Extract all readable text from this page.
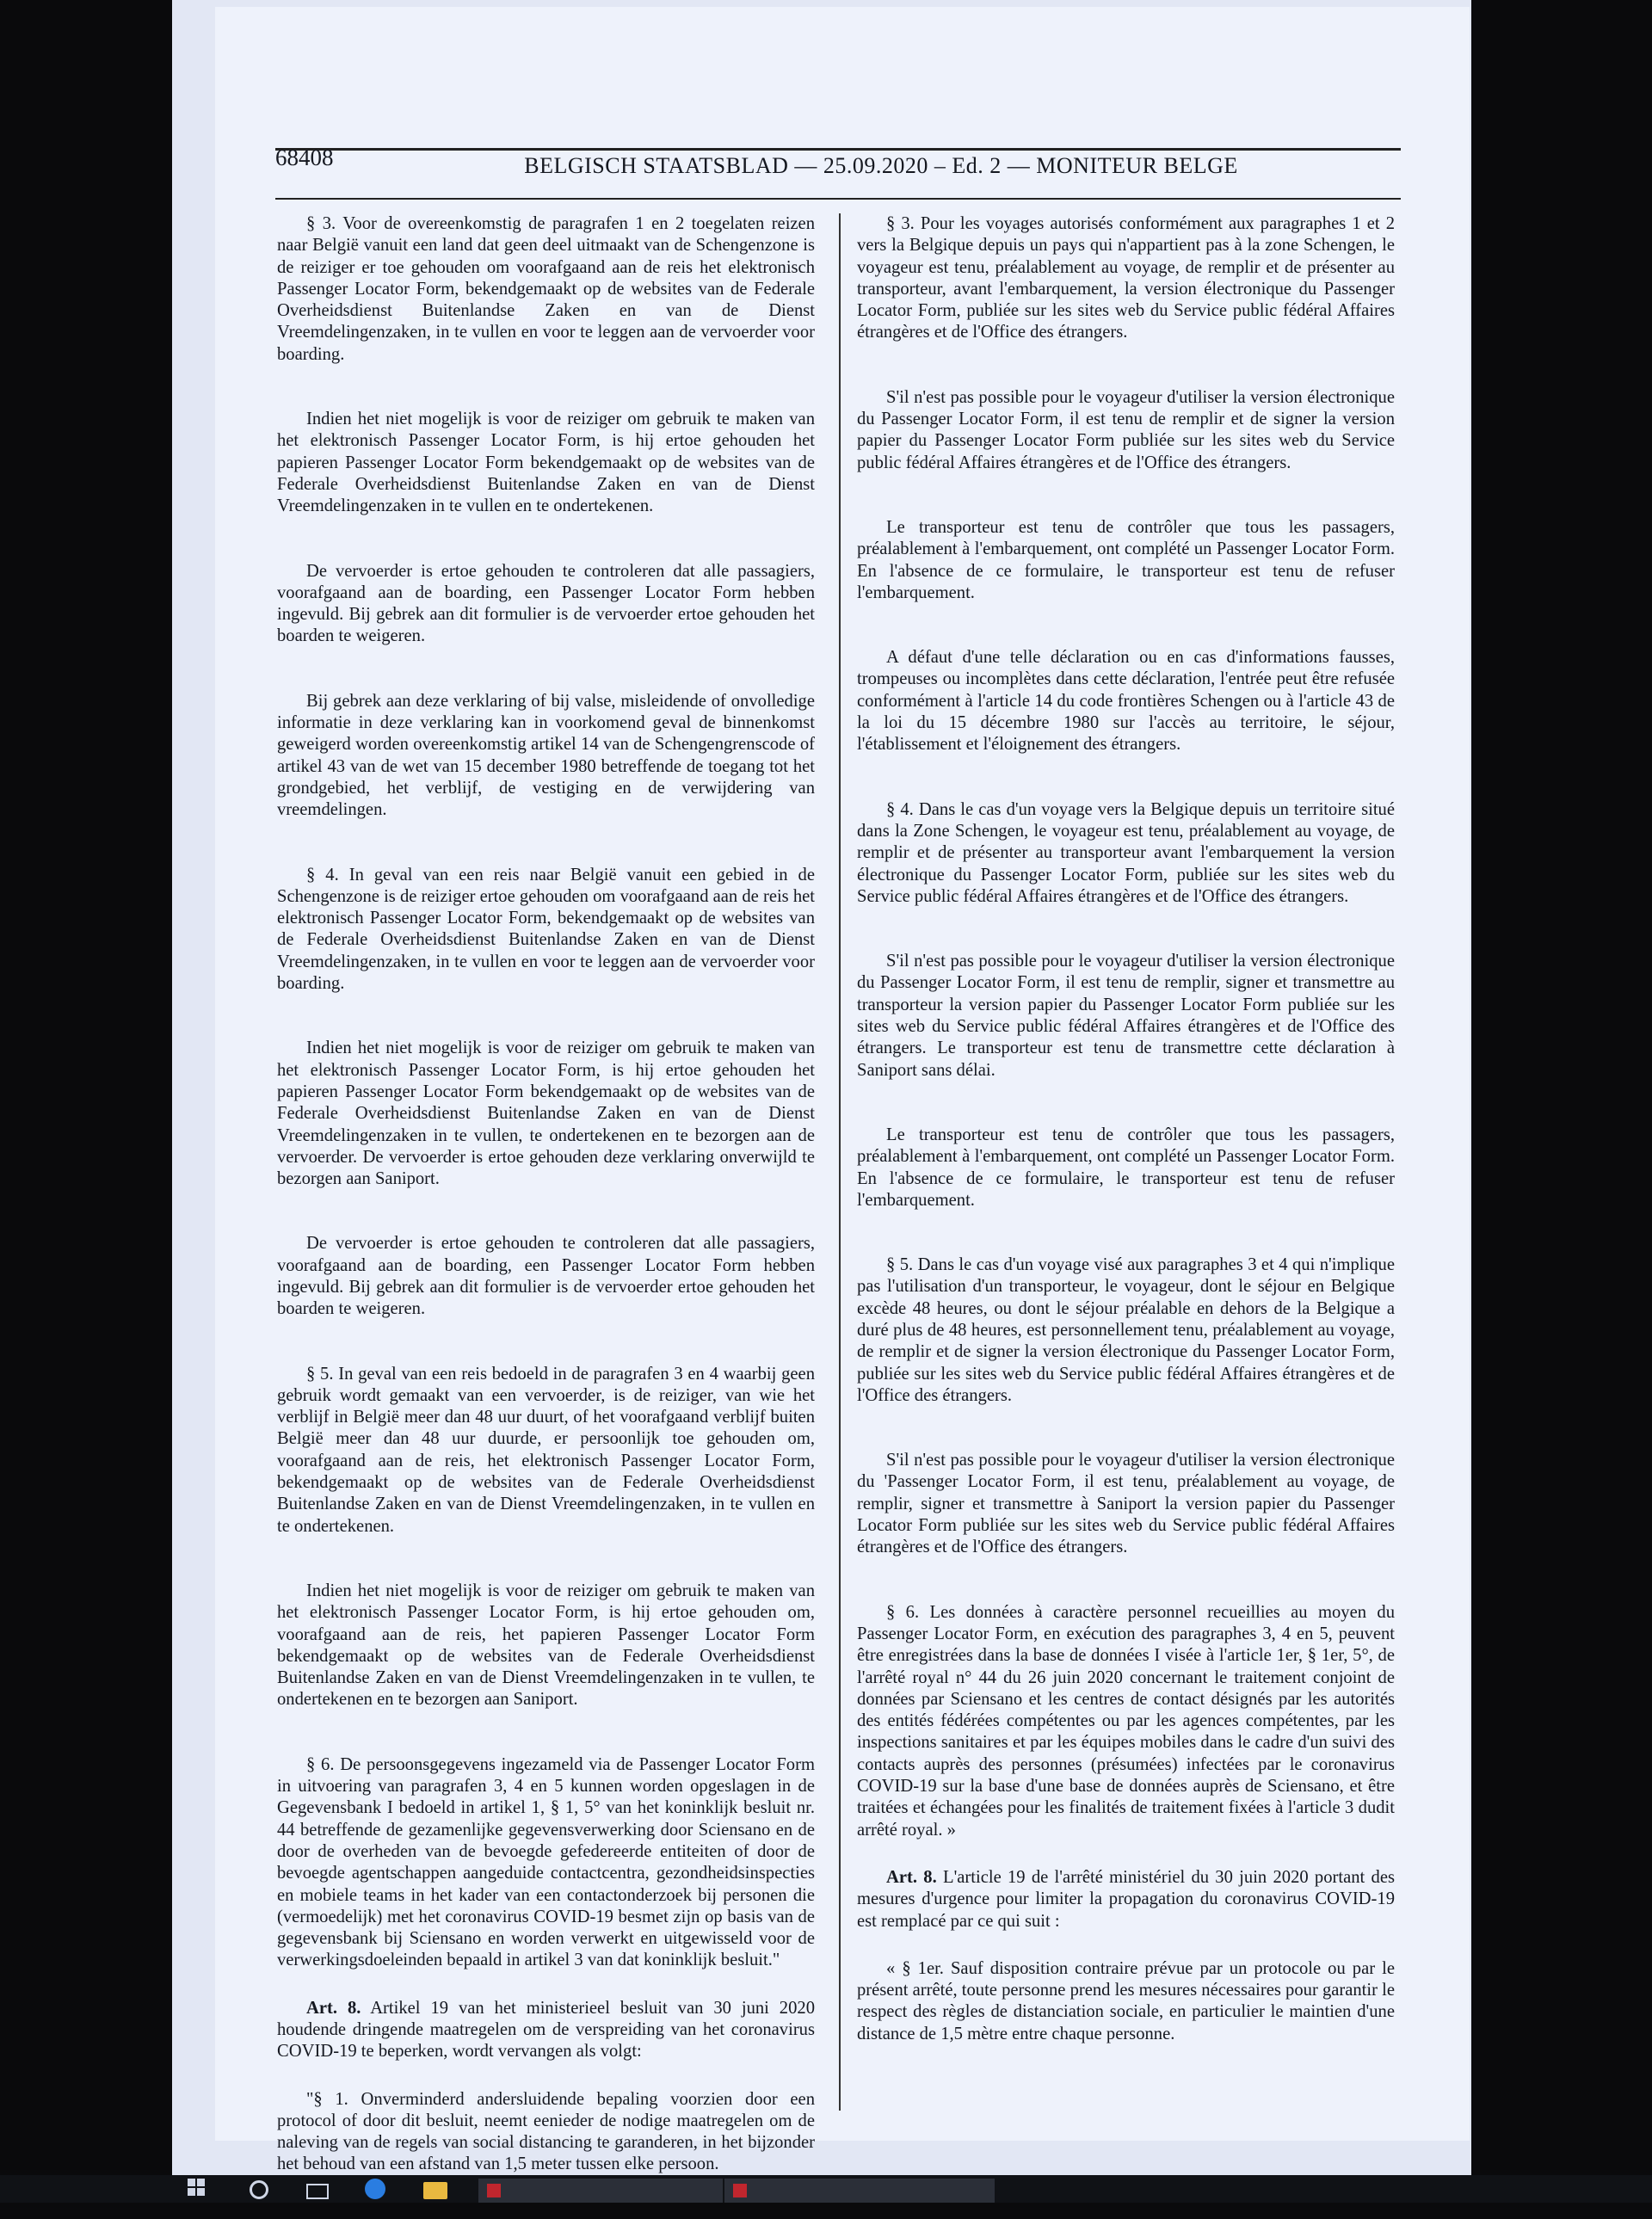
68408	BELGISCH STAATSBLAD — 25.09.2020 – Ed. 2 — MONITEUR BELGE

§ 3. Voor de overeenkomstig de paragrafen 1 en 2 toegelaten reizen naar België vanuit een land dat geen deel uitmaakt van de Schengenzone is de reiziger er toe gehouden om voorafgaand aan de reis het elektronisch Passenger Locator Form, bekendgemaakt op de websites van de Federale Overheidsdienst Buitenlandse Zaken en van de Dienst Vreemdelingenzaken, in te vullen en voor te leggen aan de vervoerder voor boarding.

Indien het niet mogelijk is voor de reiziger om gebruik te maken van het elektronisch Passenger Locator Form, is hij ertoe gehouden het papieren Passenger Locator Form bekendgemaakt op de websites van de Federale Overheidsdienst Buitenlandse Zaken en van de Dienst Vreemdelingenzaken in te vullen en te ondertekenen.

De vervoerder is ertoe gehouden te controleren dat alle passagiers, voorafgaand aan de boarding, een Passenger Locator Form hebben ingevuld. Bij gebrek aan dit formulier is de vervoerder ertoe gehouden het boarden te weigeren.

Bij gebrek aan deze verklaring of bij valse, misleidende of onvolledige informatie in deze verklaring kan in voorkomend geval de binnenkomst geweigerd worden overeenkomstig artikel 14 van de Schengengrenscode of artikel 43 van de wet van 15 december 1980 betreffende de toegang tot het grondgebied, het verblijf, de vestiging en de verwijdering van vreemdelingen.

§ 4. In geval van een reis naar België vanuit een gebied in de Schengenzone is de reiziger ertoe gehouden om voorafgaand aan de reis het elektronisch Passenger Locator Form, bekendgemaakt op de websites van de Federale Overheidsdienst Buitenlandse Zaken en van de Dienst Vreemdelingenzaken, in te vullen en voor te leggen aan de vervoerder voor boarding.

Indien het niet mogelijk is voor de reiziger om gebruik te maken van het elektronisch Passenger Locator Form, is hij ertoe gehouden het papieren Passenger Locator Form bekendgemaakt op de websites van de Federale Overheidsdienst Buitenlandse Zaken en van de Dienst Vreemdelingenzaken in te vullen, te ondertekenen en te bezorgen aan de vervoerder. De vervoerder is ertoe gehouden deze verklaring onverwijld te bezorgen aan Saniport.

De vervoerder is ertoe gehouden te controleren dat alle passagiers, voorafgaand aan de boarding, een Passenger Locator Form hebben ingevuld. Bij gebrek aan dit formulier is de vervoerder ertoe gehouden het boarden te weigeren.

§ 5. In geval van een reis bedoeld in de paragrafen 3 en 4 waarbij geen gebruik wordt gemaakt van een vervoerder, is de reiziger, van wie het verblijf in België meer dan 48 uur duurt, of het voorafgaand verblijf buiten België meer dan 48 uur duurde, er persoonlijk toe gehouden om, voorafgaand aan de reis, het elektronisch Passenger Locator Form, bekendgemaakt op de websites van de Federale Overheidsdienst Buitenlandse Zaken en van de Dienst Vreemdelingenzaken, in te vullen en te ondertekenen.

Indien het niet mogelijk is voor de reiziger om gebruik te maken van het elektronisch Passenger Locator Form, is hij ertoe gehouden om, voorafgaand aan de reis, het papieren Passenger Locator Form bekendgemaakt op de websites van de Federale Overheidsdienst Buitenlandse Zaken en van de Dienst Vreemdelingenzaken in te vullen, te ondertekenen en te bezorgen aan Saniport.

§ 6. De persoonsgegevens ingezameld via de Passenger Locator Form in uitvoering van paragrafen 3, 4 en 5 kunnen worden opgeslagen in de Gegevensbank I bedoeld in artikel 1, § 1, 5° van het koninklijk besluit nr. 44 betreffende de gezamenlijke gegevensverwerking door Sciensano en de door de overheden van de bevoegde gefedereerde entiteiten of door de bevoegde agentschappen aangeduide contactcentra, gezondheidsinspecties en mobiele teams in het kader van een contactonderzoek bij personen die (vermoedelijk) met het coronavirus COVID-19 besmet zijn op basis van de gegevensbank bij Sciensano en worden verwerkt en uitgewisseld voor de verwerkingsdoeleinden bepaald in artikel 3 van dat koninklijk besluit."

Art. 8. Artikel 19 van het ministerieel besluit van 30 juni 2020 houdende dringende maatregelen om de verspreiding van het coronavirus COVID-19 te beperken, wordt vervangen als volgt:

"§ 1. Onverminderd andersluidende bepaling voorzien door een protocol of door dit besluit, neemt eenieder de nodige maatregelen om de naleving van de regels van social distancing te garanderen, in het bijzonder het behoud van een afstand van 1,5 meter tussen elke persoon.

§ 3. Pour les voyages autorisés conformément aux paragraphes 1 et 2 vers la Belgique depuis un pays qui n'appartient pas à la zone Schengen, le voyageur est tenu, préalablement au voyage, de remplir et de présenter au transporteur, avant l'embarquement, la version électronique du Passenger Locator Form, publiée sur les sites web du Service public fédéral Affaires étrangères et de l'Office des étrangers.

S'il n'est pas possible pour le voyageur d'utiliser la version électronique du Passenger Locator Form, il est tenu de remplir et de signer la version papier du Passenger Locator Form publiée sur les sites web du Service public fédéral Affaires étrangères et de l'Office des étrangers.

Le transporteur est tenu de contrôler que tous les passagers, préalablement à l'embarquement, ont complété un Passenger Locator Form. En l'absence de ce formulaire, le transporteur est tenu de refuser l'embarquement.

A défaut d'une telle déclaration ou en cas d'informations fausses, trompeuses ou incomplètes dans cette déclaration, l'entrée peut être refusée conformément à l'article 14 du code frontières Schengen ou à l'article 43 de la loi du 15 décembre 1980 sur l'accès au territoire, le séjour, l'établissement et l'éloignement des étrangers.

§ 4. Dans le cas d'un voyage vers la Belgique depuis un territoire situé dans la Zone Schengen, le voyageur est tenu, préalablement au voyage, de remplir et de présenter au transporteur avant l'embarquement la version électronique du Passenger Locator Form, publiée sur les sites web du Service public fédéral Affaires étrangères et de l'Office des étrangers.

S'il n'est pas possible pour le voyageur d'utiliser la version électronique du Passenger Locator Form, il est tenu de remplir, signer et transmettre au transporteur la version papier du Passenger Locator Form publiée sur les sites web du Service public fédéral Affaires étrangères et de l'Office des étrangers. Le transporteur est tenu de transmettre cette déclaration à Saniport sans délai.

Le transporteur est tenu de contrôler que tous les passagers, préalablement à l'embarquement, ont complété un Passenger Locator Form. En l'absence de ce formulaire, le transporteur est tenu de refuser l'embarquement.

§ 5. Dans le cas d'un voyage visé aux paragraphes 3 et 4 qui n'implique pas l'utilisation d'un transporteur, le voyageur, dont le séjour en Belgique excède 48 heures, ou dont le séjour préalable en dehors de la Belgique a duré plus de 48 heures, est personnellement tenu, préalablement au voyage, de remplir et de signer la version électronique du Passenger Locator Form, publiée sur les sites web du Service public fédéral Affaires étrangères et de l'Office des étrangers.

S'il n'est pas possible pour le voyageur d'utiliser la version électronique du 'Passenger Locator Form, il est tenu, préalablement au voyage, de remplir, signer et transmettre à Saniport la version papier du Passenger Locator Form publiée sur les sites web du Service public fédéral Affaires étrangères et de l'Office des étrangers.

§ 6. Les données à caractère personnel recueillies au moyen du Passenger Locator Form, en exécution des paragraphes 3, 4 en 5, peuvent être enregistrées dans la base de données I visée à l'article 1er, § 1er, 5°, de l'arrêté royal n° 44 du 26 juin 2020 concernant le traitement conjoint de données par Sciensano et les centres de contact désignés par les autorités des entités fédérées compétentes ou par les agences compétentes, par les inspections sanitaires et par les équipes mobiles dans le cadre d'un suivi des contacts auprès des personnes (présumées) infectées par le coronavirus COVID-19 sur la base d'une base de données auprès de Sciensano, et être traitées et échangées pour les finalités de traitement fixées à l'article 3 dudit arrêté royal. »

Art. 8. L'article 19 de l'arrêté ministériel du 30 juin 2020 portant des mesures d'urgence pour limiter la propagation du coronavirus COVID-19 est remplacé par ce qui suit :

« § 1er. Sauf disposition contraire prévue par un protocole ou par le présent arrêté, toute personne prend les mesures nécessaires pour garantir le respect des règles de distanciation sociale, en particulier le maintien d'une distance de 1,5 mètre entre chaque personne.
